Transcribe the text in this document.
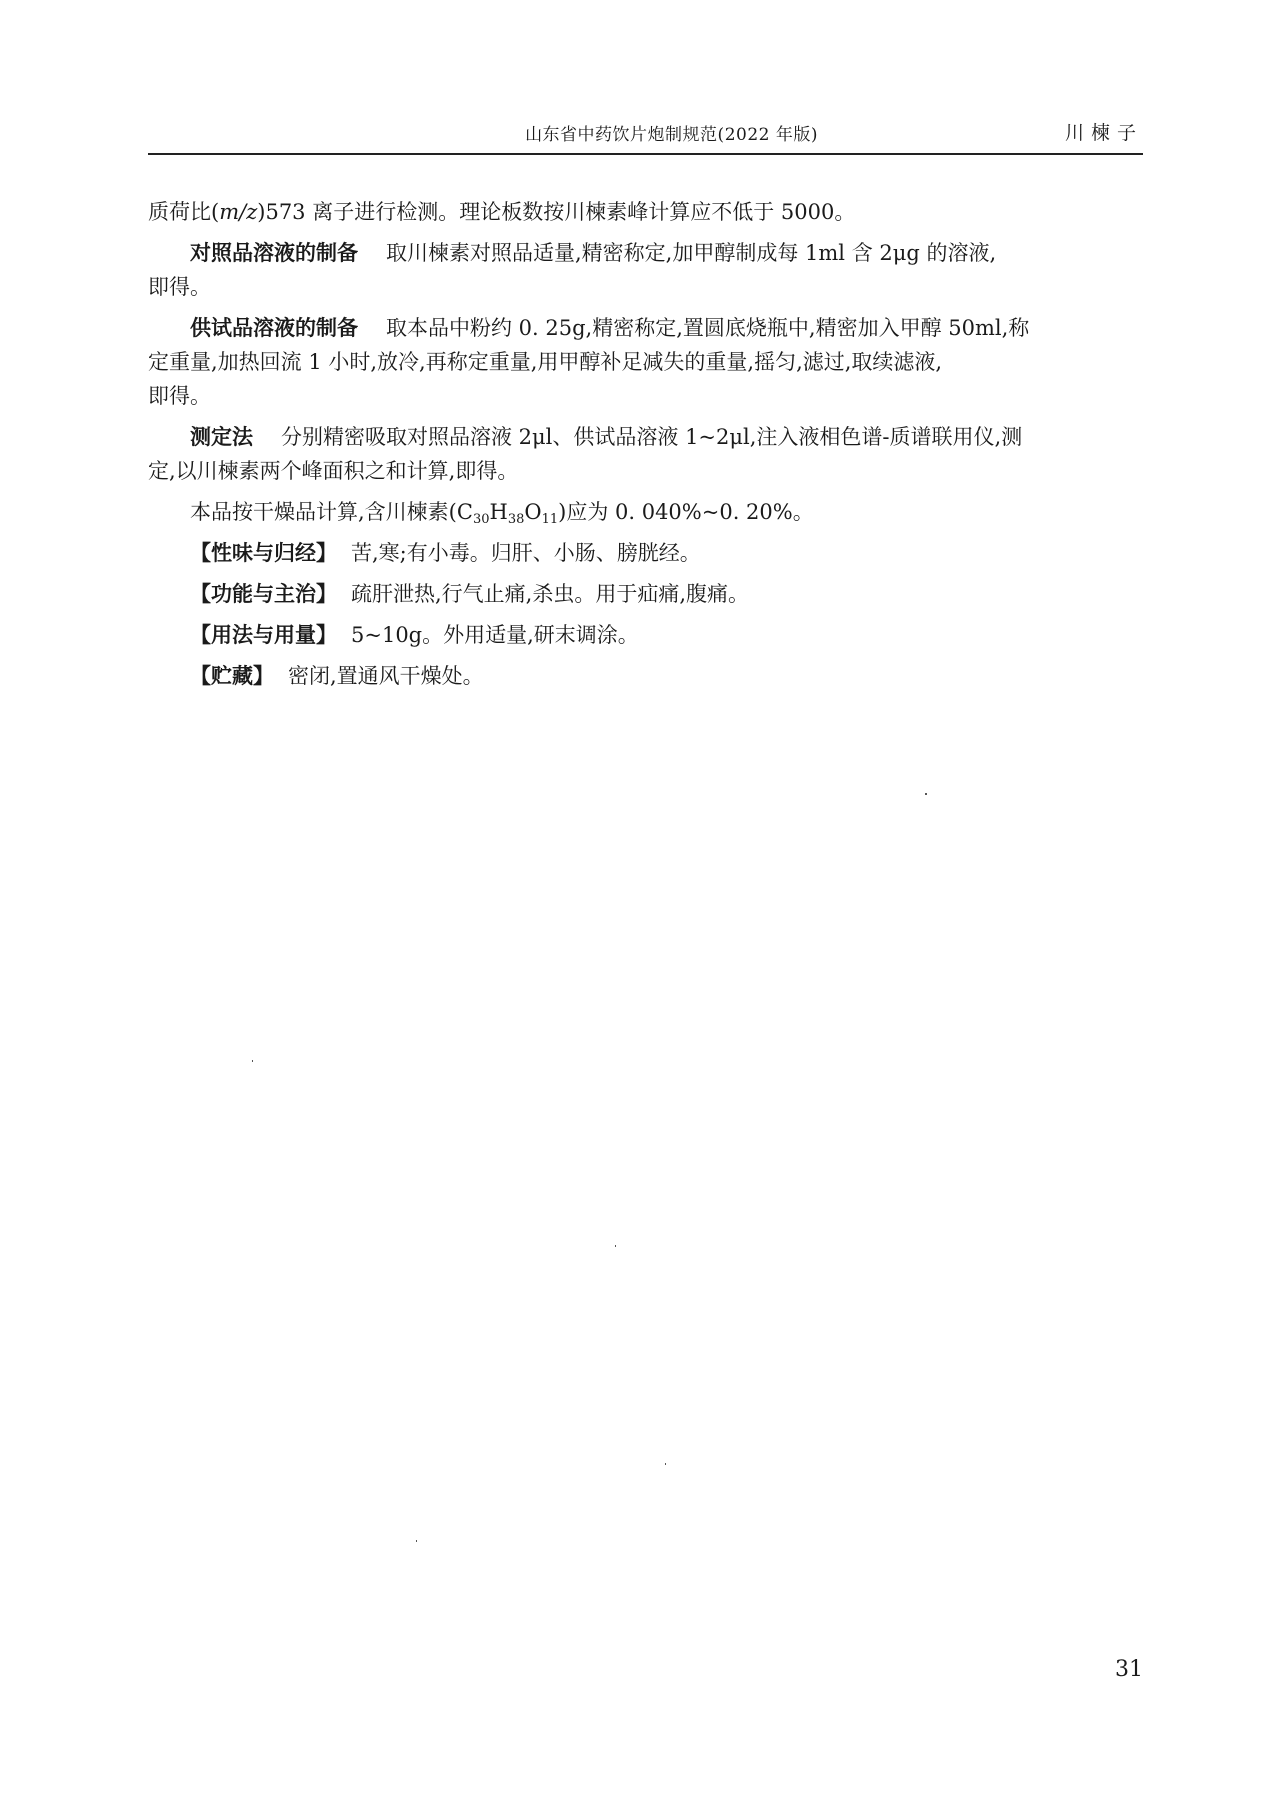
山东省中药饮片炮制规范(2022 年版)	川楝子

质荷比(m/z)573 离子进行检测。理论板数按川楝素峰计算应不低于 5000。

对照品溶液的制备 取川楝素对照品适量,精密称定,加甲醇制成每 1ml 含 2μg 的溶液,
即得。

供试品溶液的制备 取本品中粉约 0. 25g,精密称定,置圆底烧瓶中,精密加入甲醇 50ml,称
定重量,加热回流 1 小时,放冷,再称定重量,用甲醇补足减失的重量,摇匀,滤过,取续滤液,
即得。

测定法 分别精密吸取对照品溶液 2μl、供试品溶液 1~2μl,注入液相色谱-质谱联用仪,测
定,以川楝素两个峰面积之和计算,即得。

本品按干燥品计算,含川楝素$(C_{30}H_{38}O_{11})$应为 0. 040%~0. 20%。

【性味与归经】 苦,寒;有小毒。归肝、小肠、膀胱经。

【功能与主治】 疏肝泄热,行气止痛,杀虫。用于疝痛,腹痛。

【用法与用量】 5~10g。外用适量,研末调涂。

【贮藏】 密闭,置通风干燥处。

31
